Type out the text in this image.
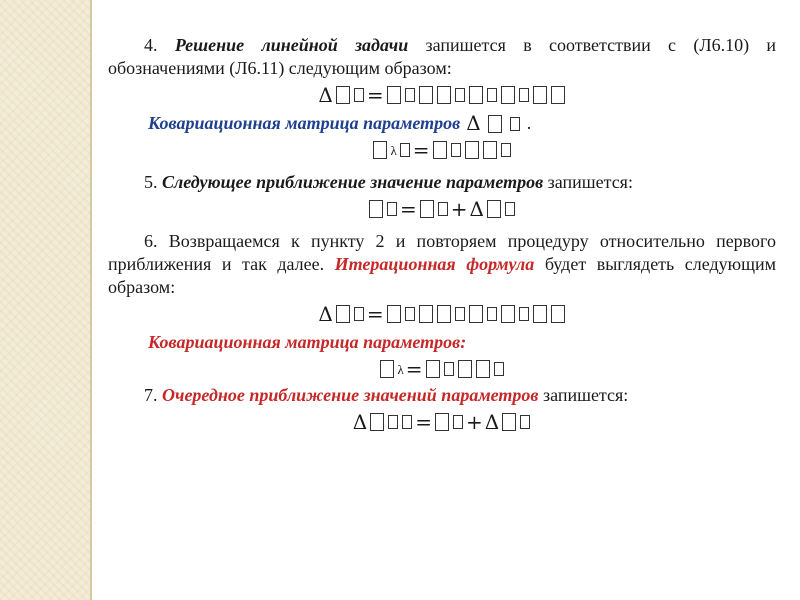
4. Решение линейной задачи запишется в соответствии с (Л6.10) и обозначениями (Л6.11) следующим образом:

Δ =
Ковариационная матрица параметров Δ	.
λ =

5. Следующее приближение значение параметров запишется:

= + Δ

6. Возвращаемся к пункту 2 и повторяем процедуру относительно первого приближения и так далее. Итерационная формула будет выглядеть следующим образом:

Δ =
Ковариационная матрица параметров:
λ =

7. Очередное приближение значений параметров запишется:

Δ = + Δ
